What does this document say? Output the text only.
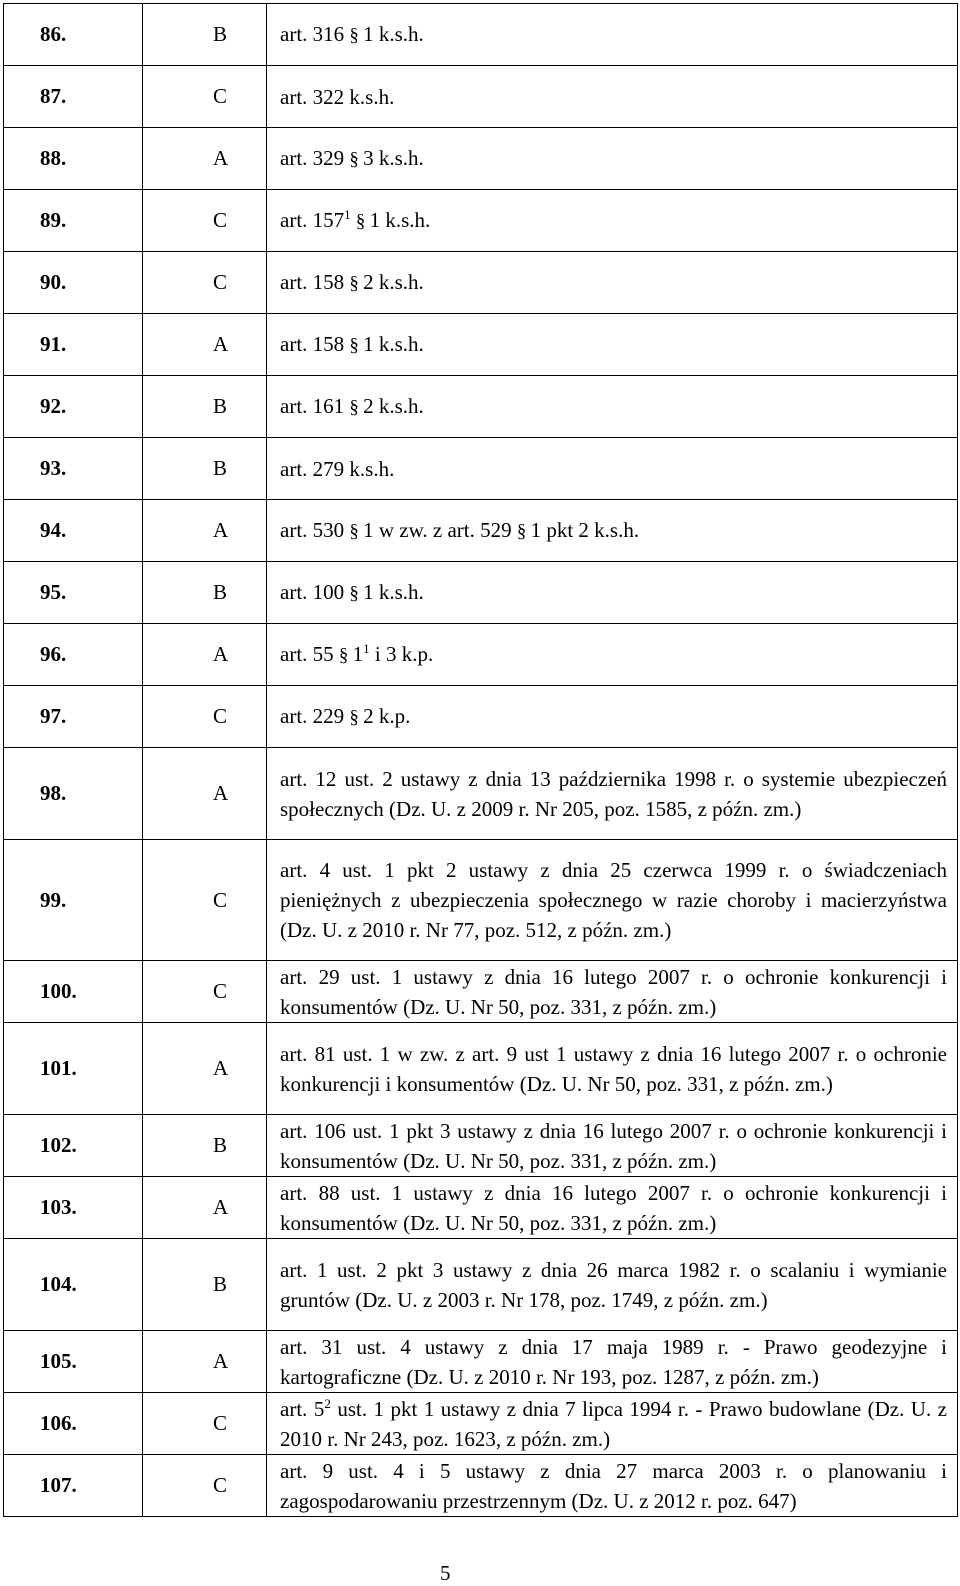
86.	B	art. 316 § 1 k.s.h.
87.	C	art. 322 k.s.h.
88.	A	art. 329 § 3 k.s.h.
89.	C	art. $157^1$ § 1 k.s.h.
90.	C	art. 158 § 2 k.s.h.
91.	A	art. 158 § 1 k.s.h.
92.	B	art. 161 § 2 k.s.h.
93.	B	art. 279 k.s.h.
94.	A	art. 530 § 1 w zw. z art. 529 § 1 pkt 2 k.s.h.
95.	B	art. 100 § 1 k.s.h.
96.	A	art. 55 § $1^1$ i 3 k.p.
97.	C	art. 229 § 2 k.p.
98.	A	art. 12 ust. 2 ustawy z dnia 13 października 1998 r. o systemie ubezpieczeń społecznych (Dz. U. z 2009 r. Nr 205, poz. 1585, z późn. zm.)
99.	C	art. 4 ust. 1 pkt 2 ustawy z dnia 25 czerwca 1999 r. o świadczeniach pieniężnych z ubezpieczenia społecznego w razie choroby i macierzyństwa (Dz. U. z 2010 r. Nr 77, poz. 512, z późn. zm.)
100.	C	art. 29 ust. 1 ustawy z dnia 16 lutego 2007 r. o ochronie konkurencji i konsumentów (Dz. U. Nr 50, poz. 331, z późn. zm.)
101.	A	art. 81 ust. 1 w zw. z art. 9 ust 1 ustawy z dnia 16 lutego 2007 r. o ochronie konkurencji i konsumentów (Dz. U. Nr 50, poz. 331, z późn. zm.)
102.	B	art. 106 ust. 1 pkt 3 ustawy z dnia 16 lutego 2007 r. o ochronie konkurencji i konsumentów (Dz. U. Nr 50, poz. 331, z późn. zm.)
103.	A	art. 88 ust. 1 ustawy z dnia 16 lutego 2007 r. o ochronie konkurencji i konsumentów (Dz. U. Nr 50, poz. 331, z późn. zm.)
104.	B	art. 1 ust. 2 pkt 3 ustawy z dnia 26 marca 1982 r. o scalaniu i wymianie gruntów (Dz. U. z 2003 r. Nr 178, poz. 1749, z późn. zm.)
105.	A	art. 31 ust. 4 ustawy z dnia 17 maja 1989 r. - Prawo geodezyjne i kartograficzne (Dz. U. z 2010 r. Nr 193, poz. 1287, z późn. zm.)
106.	C	art. $5^2$ ust. 1 pkt 1 ustawy z dnia 7 lipca 1994 r. - Prawo budowlane (Dz. U. z 2010 r. Nr 243, poz. 1623, z późn. zm.)
107.	C	art. 9 ust. 4 i 5 ustawy z dnia 27 marca 2003 r. o planowaniu i zagospodarowaniu przestrzennym (Dz. U. z 2012 r. poz. 647)
5
